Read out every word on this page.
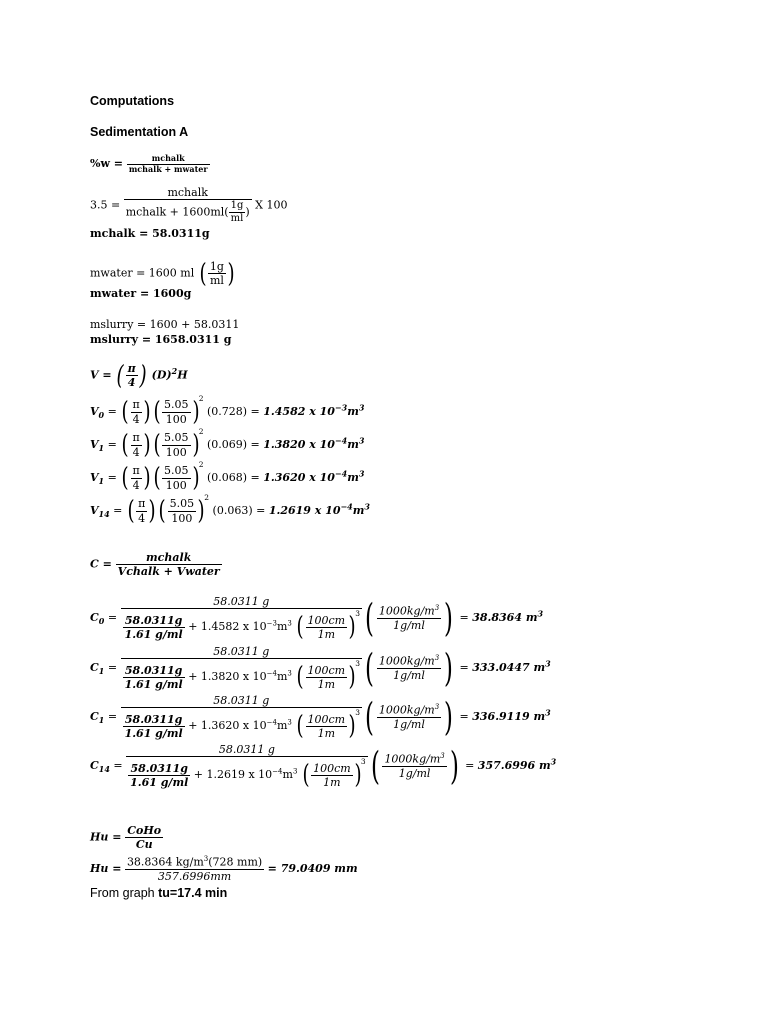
Computations
Sedimentation A
$\%w = \frac{\text{mchalk}}{\text{mchalk + mwater}}$
$3.5 = \frac{\text{mchalk}}{mchalk + 1600ml( \frac{1g}{ml} )}$ X 100
mchalk = 58.0311g
mwater = 1600 ml ( $\frac{1g}{ml}$ )
mwater = 1600g
mslurry = 1600 + 58.0311
mslurry = 1658.0311 g
V = ( $\frac{\pi}{4}$ ) $(D)^2H$
$V_0$ = ( $\frac{\pi}{4}$ ) ( $\frac{5.05}{100} )^2$ (0.728) = 1.4582 x $10^{-3}m^3$
$V_1$ = ( $\frac{\pi}{4}$ ) ( $\frac{5.05}{100} )^2$ (0.069) = 1.3820 x $10^{-4}m^3$
$V_1$ = ( $\frac{\pi}{4}$ ) ( $\frac{5.05}{100} )^2$ (0.068) = 1.3620 x $10^{-4}m^3$
$V_{14}$ = ( $\frac{\pi}{4}$ ) ( $\frac{5.05}{100} )^2$ (0.063) = 1.2619 x $10^{-4}m^3$
$C = \frac{\text{mchalk}}{\text{Vchalk + Vwater}}$
$C_0 = \frac{58.0311 g}{\frac{58.0311g}{1.61 g/ml} + 1.4582 x 10^{-3}m^3 ( \frac{100cm}{1m} )^3}$ ( $\frac{1000kg/m^3}{1g/ml}$ ) = 38.8364 $m^3$
$C_1 = \frac{58.0311 g}{\frac{58.0311g}{1.61 g/ml} + 1.3820 x 10^{-4}m^3 ( \frac{100cm}{1m} )^3}$ ( $\frac{1000kg/m^3}{1g/ml}$ ) = 333.0447 $m^3$
$C_1 = \frac{58.0311 g}{\frac{58.0311g}{1.61 g/ml} + 1.3620 x 10^{-4}m^3 ( \frac{100cm}{1m} )^3}$ ( $\frac{1000kg/m^3}{1g/ml}$ ) = 336.9119 $m^3$
$C_{14} = \frac{58.0311 g}{\frac{58.0311g}{1.61 g/ml} + 1.2619 x 10^{-4}m^3 ( \frac{100cm}{1m} )^3}$ ( $\frac{1000kg/m^3}{1g/ml}$ ) = 357.6996 $m^3$
$Hu = \frac{\text{CoHo}}{Cu}$
$Hu = \frac{38.8364 kg/m^3(728 mm)}{357.6996mm} = 79.0409$ mm
From graph tu=17.4 min
